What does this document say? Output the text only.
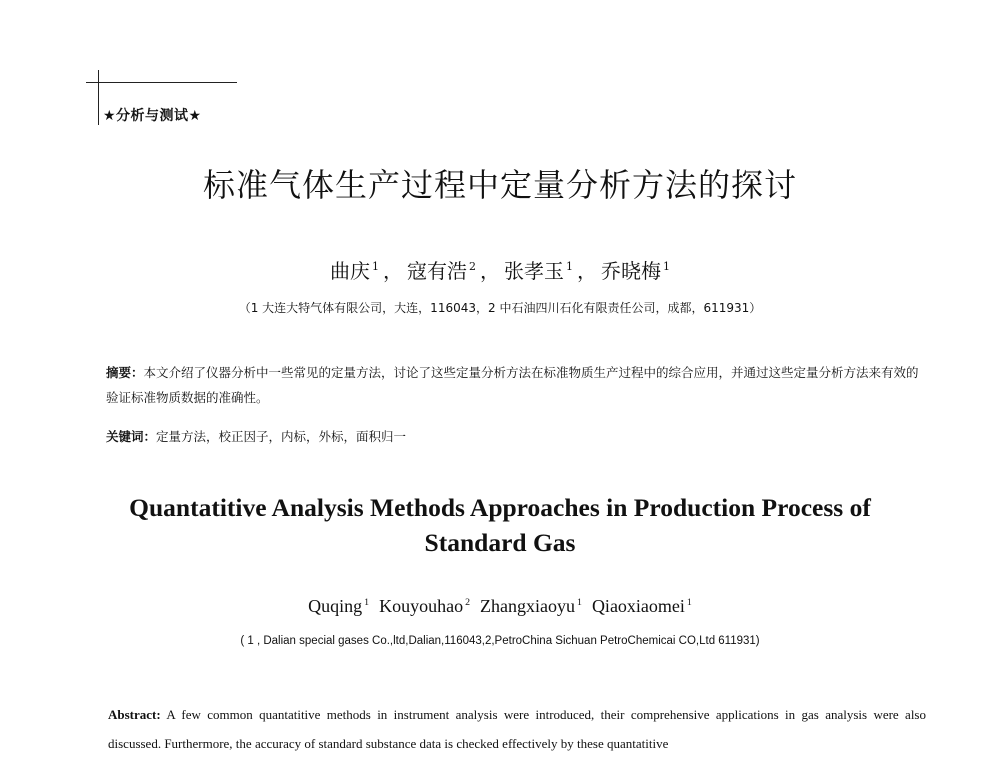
★分析与测试★
标准气体生产过程中定量分析方法的探讨
曲庆 $^1$ ， 寇有浩 $^2$ ， 张孝玉 $^1$ ， 乔晓梅 $^1$
（1 大连大特气体有限公司，大连，116043，2 中石油四川石化有限责任公司，成都，611931）
摘要：本文介绍了仪器分析中一些常见的定量方法，讨论了这些定量分析方法在标准物质生产过程中的综合应用，并通过这些定量分析方法来有效的验证标准物质数据的准确性。
关键词：定量方法，校正因子，内标，外标，面积归一
Quantatitive Analysis Methods Approaches in Production Process of Standard Gas
Quqing $^1$ Kouyouhao $^2$ Zhangxiaoyu $^1$ Qiaoxiaomei $^1$
( 1 , Dalian special gases Co.,ltd,Dalian,116043,2,PetroChina Sichuan PetroChemicai CO,Ltd 611931)
Abstract: A few common quantatitive methods in instrument analysis were introduced, their comprehensive applications in gas analysis were also discussed. Furthermore, the accuracy of standard substance data is checked effectively by these quantatitive
